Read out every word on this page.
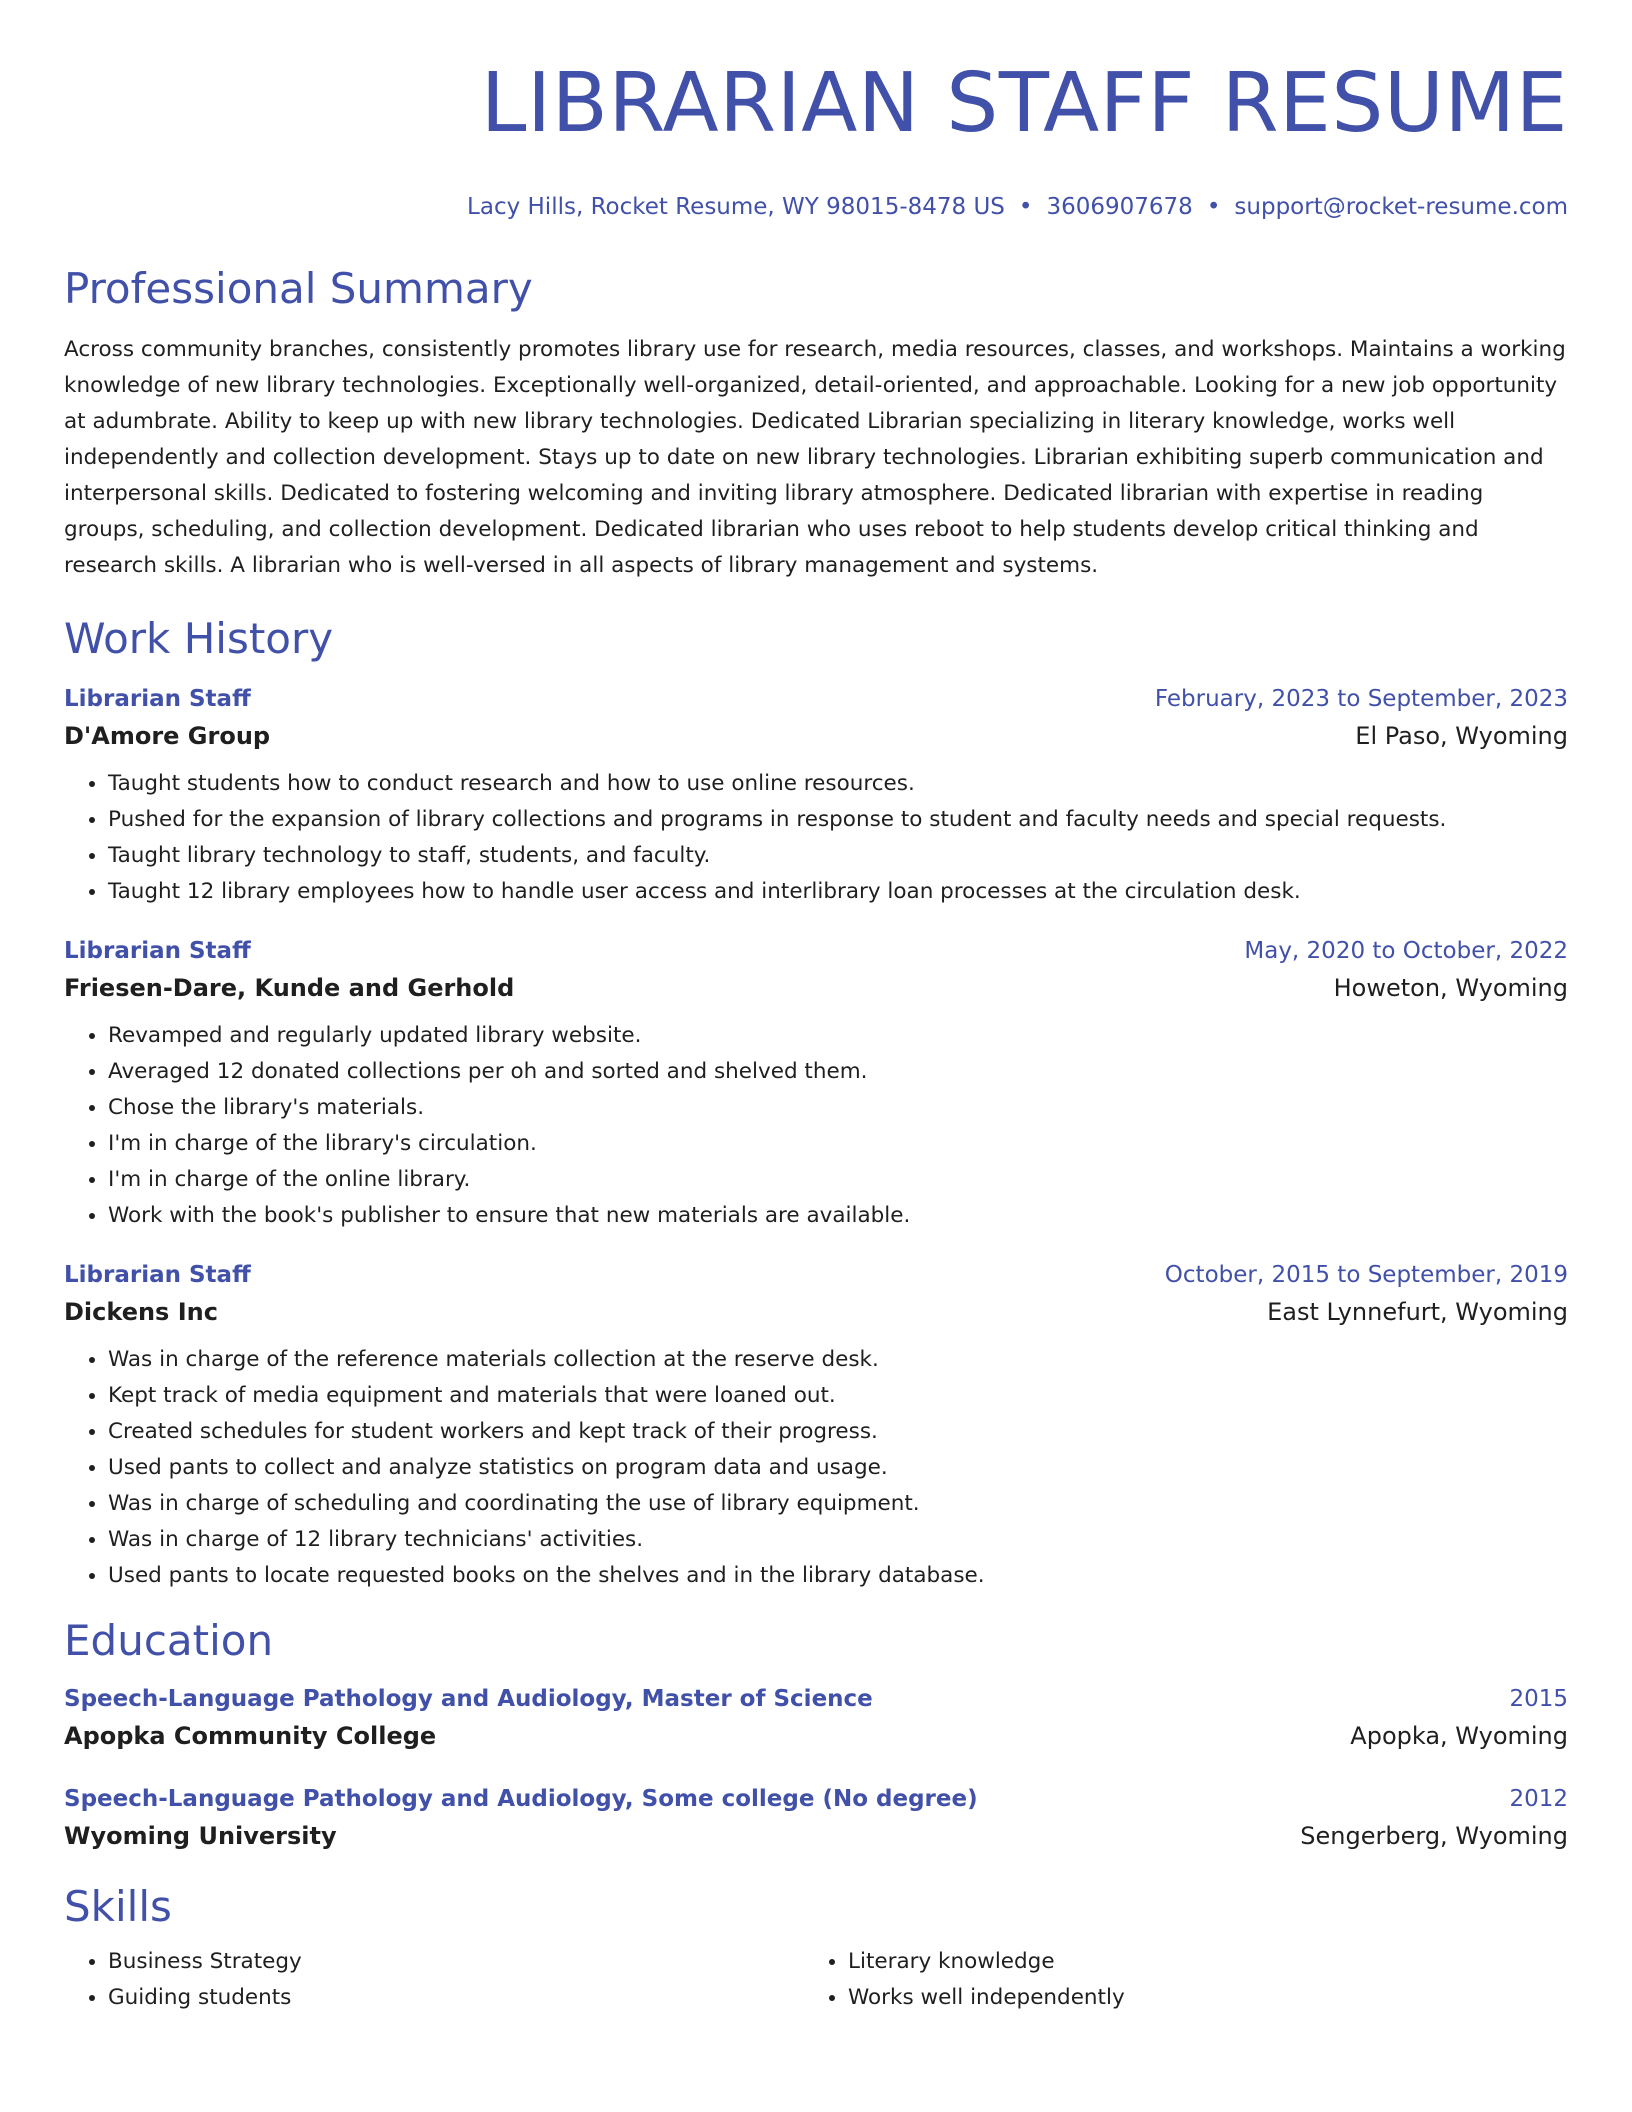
LIBRARIAN STAFF RESUME
Lacy Hills, Rocket Resume, WY 98015-8478 US • 3606907678 • support@rocket-resume.com
Professional Summary
Across community branches, consistently promotes library use for research, media resources, classes, and workshops. Maintains a working knowledge of new library technologies. Exceptionally well-organized, detail-oriented, and approachable. Looking for a new job opportunity at adumbrate. Ability to keep up with new library technologies. Dedicated Librarian specializing in literary knowledge, works well independently and collection development. Stays up to date on new library technologies. Librarian exhibiting superb communication and interpersonal skills. Dedicated to fostering welcoming and inviting library atmosphere. Dedicated librarian with expertise in reading groups, scheduling, and collection development. Dedicated librarian who uses reboot to help students develop critical thinking and research skills. A librarian who is well-versed in all aspects of library management and systems.
Work History
Librarian Staff	February, 2023 to September, 2023
D'Amore Group	El Paso, Wyoming
• Taught students how to conduct research and how to use online resources.
• Pushed for the expansion of library collections and programs in response to student and faculty needs and special requests.
• Taught library technology to staff, students, and faculty.
• Taught 12 library employees how to handle user access and interlibrary loan processes at the circulation desk.
Librarian Staff	May, 2020 to October, 2022
Friesen-Dare, Kunde and Gerhold	Howeton, Wyoming
• Revamped and regularly updated library website.
• Averaged 12 donated collections per oh and sorted and shelved them.
• Chose the library's materials.
• I'm in charge of the library's circulation.
• I'm in charge of the online library.
• Work with the book's publisher to ensure that new materials are available.
Librarian Staff	October, 2015 to September, 2019
Dickens Inc	East Lynnefurt, Wyoming
• Was in charge of the reference materials collection at the reserve desk.
• Kept track of media equipment and materials that were loaned out.
• Created schedules for student workers and kept track of their progress.
• Used pants to collect and analyze statistics on program data and usage.
• Was in charge of scheduling and coordinating the use of library equipment.
• Was in charge of 12 library technicians' activities.
• Used pants to locate requested books on the shelves and in the library database.
Education
Speech-Language Pathology and Audiology, Master of Science	2015
Apopka Community College	Apopka, Wyoming
Speech-Language Pathology and Audiology, Some college (No degree)	2012
Wyoming University	Sengerberg, Wyoming
Skills
• Business Strategy
• Guiding students
• Literary knowledge
• Works well independently
